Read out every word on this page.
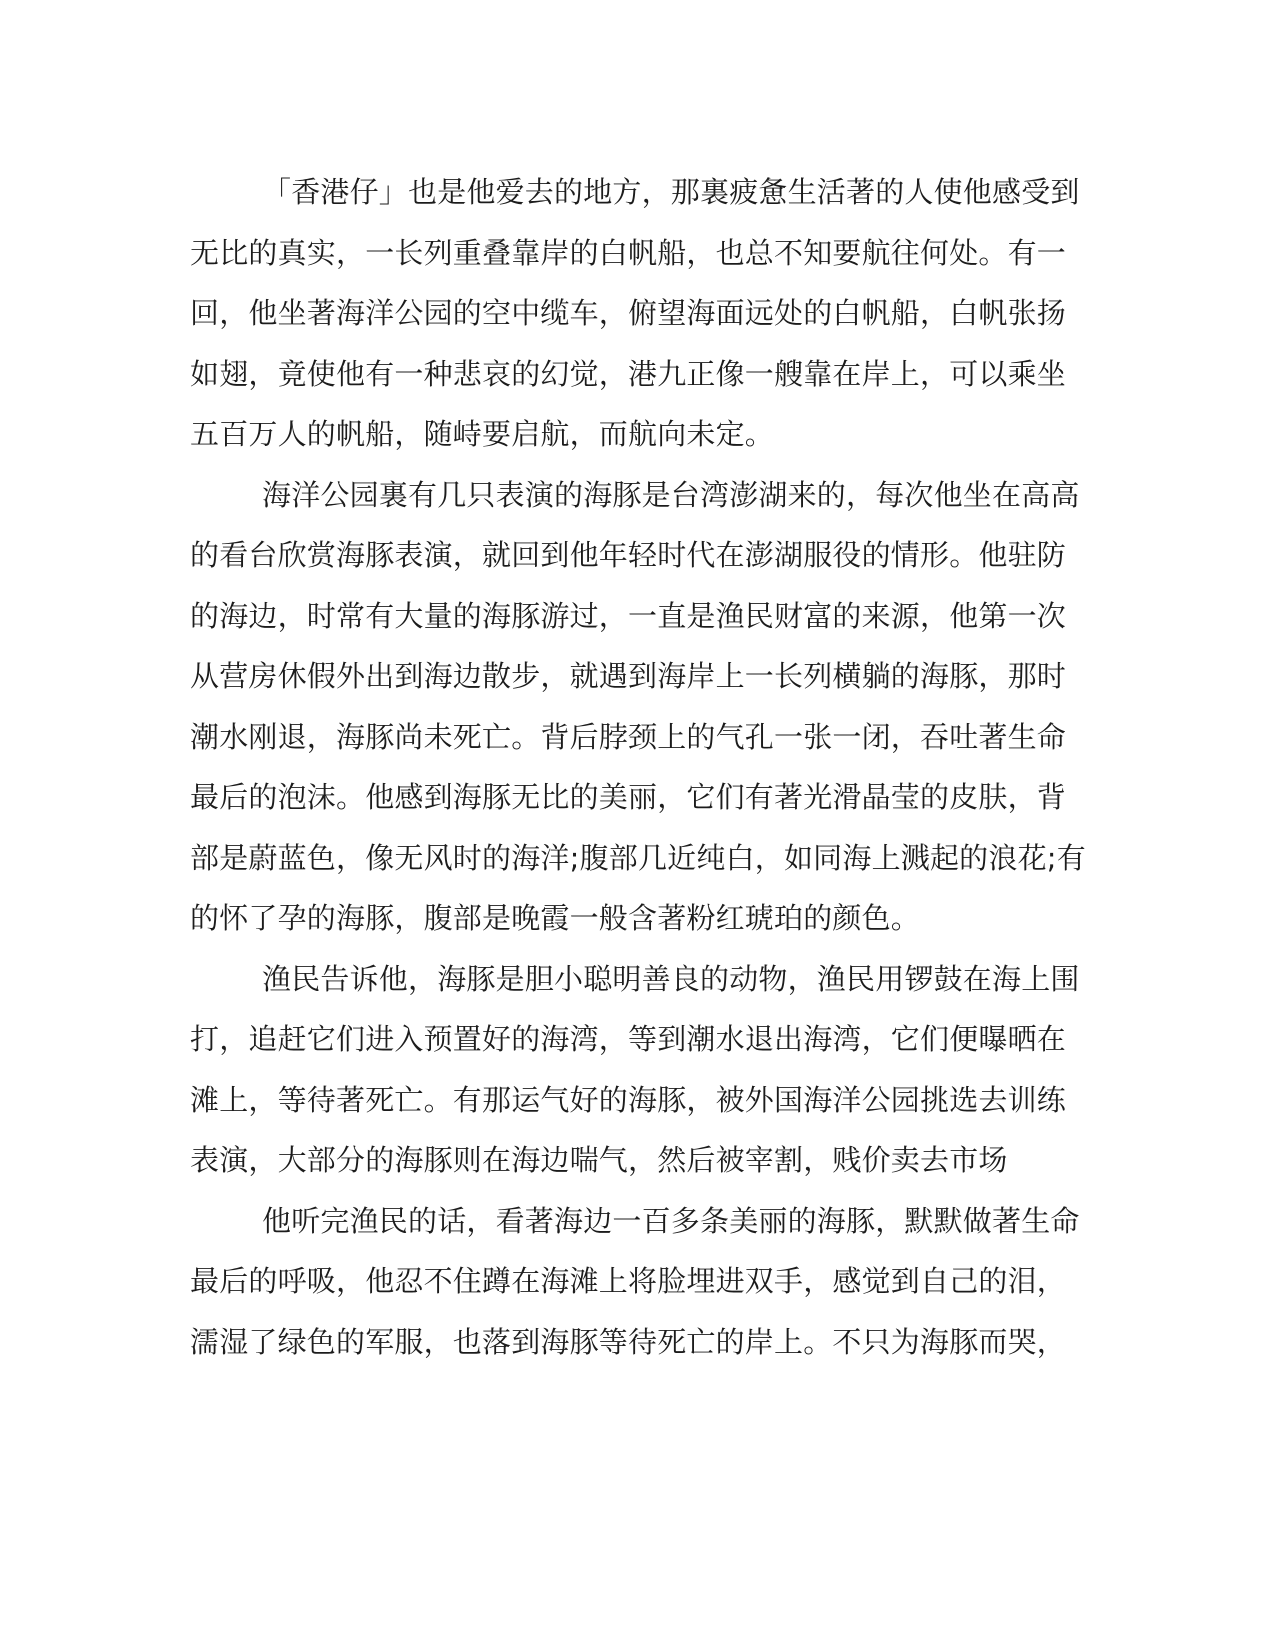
「香港仔」也是他爱去的地方，那裏疲惫生活著的人使他感受到
无比的真实，一长列重叠靠岸的白帆船，也总不知要航往何处。有一
回，他坐著海洋公园的空中缆车，俯望海面远处的白帆船，白帆张扬
如翅，竟使他有一种悲哀的幻觉，港九正像一艘靠在岸上，可以乘坐
五百万人的帆船，随峙要启航，而航向未定。
海洋公园裏有几只表演的海豚是台湾澎湖来的，每次他坐在高高
的看台欣赏海豚表演，就回到他年轻时代在澎湖服役的情形。他驻防
的海边，时常有大量的海豚游过，一直是渔民财富的来源，他第一次
从营房休假外出到海边散步，就遇到海岸上一长列横躺的海豚，那时
潮水刚退，海豚尚未死亡。背后脖颈上的气孔一张一闭，吞吐著生命
最后的泡沫。他感到海豚无比的美丽，它们有著光滑晶莹的皮肤，背
部是蔚蓝色，像无风时的海洋;腹部几近纯白，如同海上溅起的浪花;有
的怀了孕的海豚，腹部是晚霞一般含著粉红琥珀的颜色。
渔民告诉他，海豚是胆小聪明善良的动物，渔民用锣鼓在海上围
打，追赶它们进入预置好的海湾，等到潮水退出海湾，它们便曝晒在
滩上，等待著死亡。有那运气好的海豚，被外国海洋公园挑选去训练
表演，大部分的海豚则在海边喘气，然后被宰割，贱价卖去市场
他听完渔民的话，看著海边一百多条美丽的海豚，默默做著生命
最后的呼吸，他忍不住蹲在海滩上将脸埋进双手，感觉到自己的泪，
濡湿了绿色的军服，也落到海豚等待死亡的岸上。不只为海豚而哭，
